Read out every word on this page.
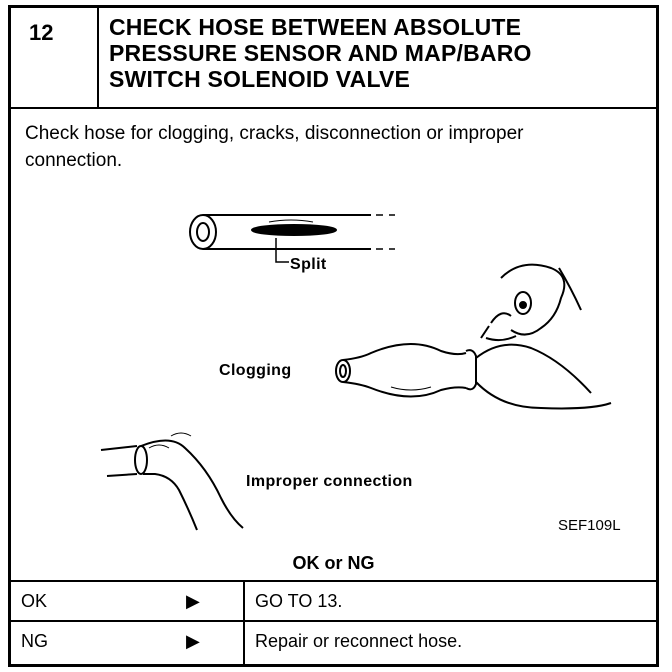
12	CHECK HOSE BETWEEN ABSOLUTE
PRESSURE SENSOR AND MAP/BARO
SWITCH SOLENOID VALVE
Check hose for clogging, cracks, disconnection or improper
connection.
Split
Clogging
Improper connection
SEF109L
OK or NG
OK	▶	GO TO 13.
NG	▶	Repair or reconnect hose.
